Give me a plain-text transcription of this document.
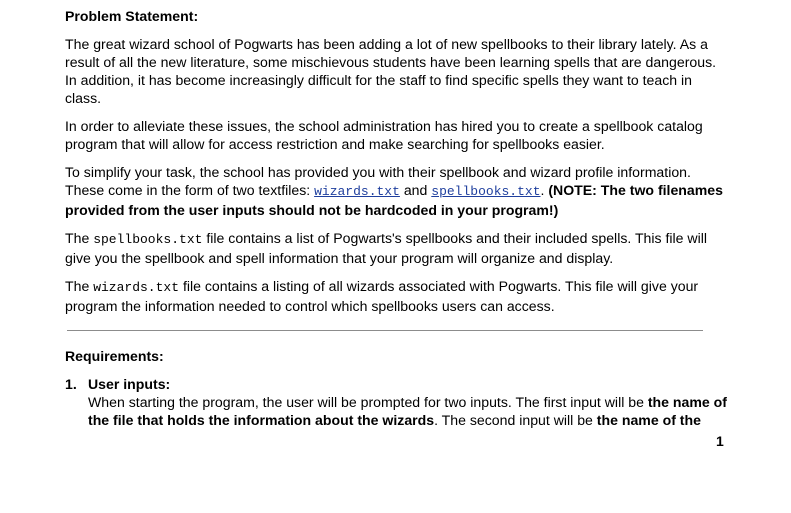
Problem Statement:

The great wizard school of Pogwarts has been adding a lot of new spellbooks to their library lately. As a result of all the new literature, some mischievous students have been learning spells that are dangerous. In addition, it has become increasingly difficult for the staff to find specific spells they want to teach in class.

In order to alleviate these issues, the school administration has hired you to create a spellbook catalog program that will allow for access restriction and make searching for spellbooks easier.

To simplify your task, the school has provided you with their spellbook and wizard profile information. These come in the form of two textfiles: wizards.txt and spellbooks.txt. (NOTE: The two filenames provided from the user inputs should not be hardcoded in your program!)

The spellbooks.txt file contains a list of Pogwarts's spellbooks and their included spells. This file will give you the spellbook and spell information that your program will organize and display.

The wizards.txt file contains a listing of all wizards associated with Pogwarts. This file will give your program the information needed to control which spellbooks users can access.

Requirements:
1. User inputs:
When starting the program, the user will be prompted for two inputs. The first input will be the name of the file that holds the information about the wizards. The second input will be the name of the
1
